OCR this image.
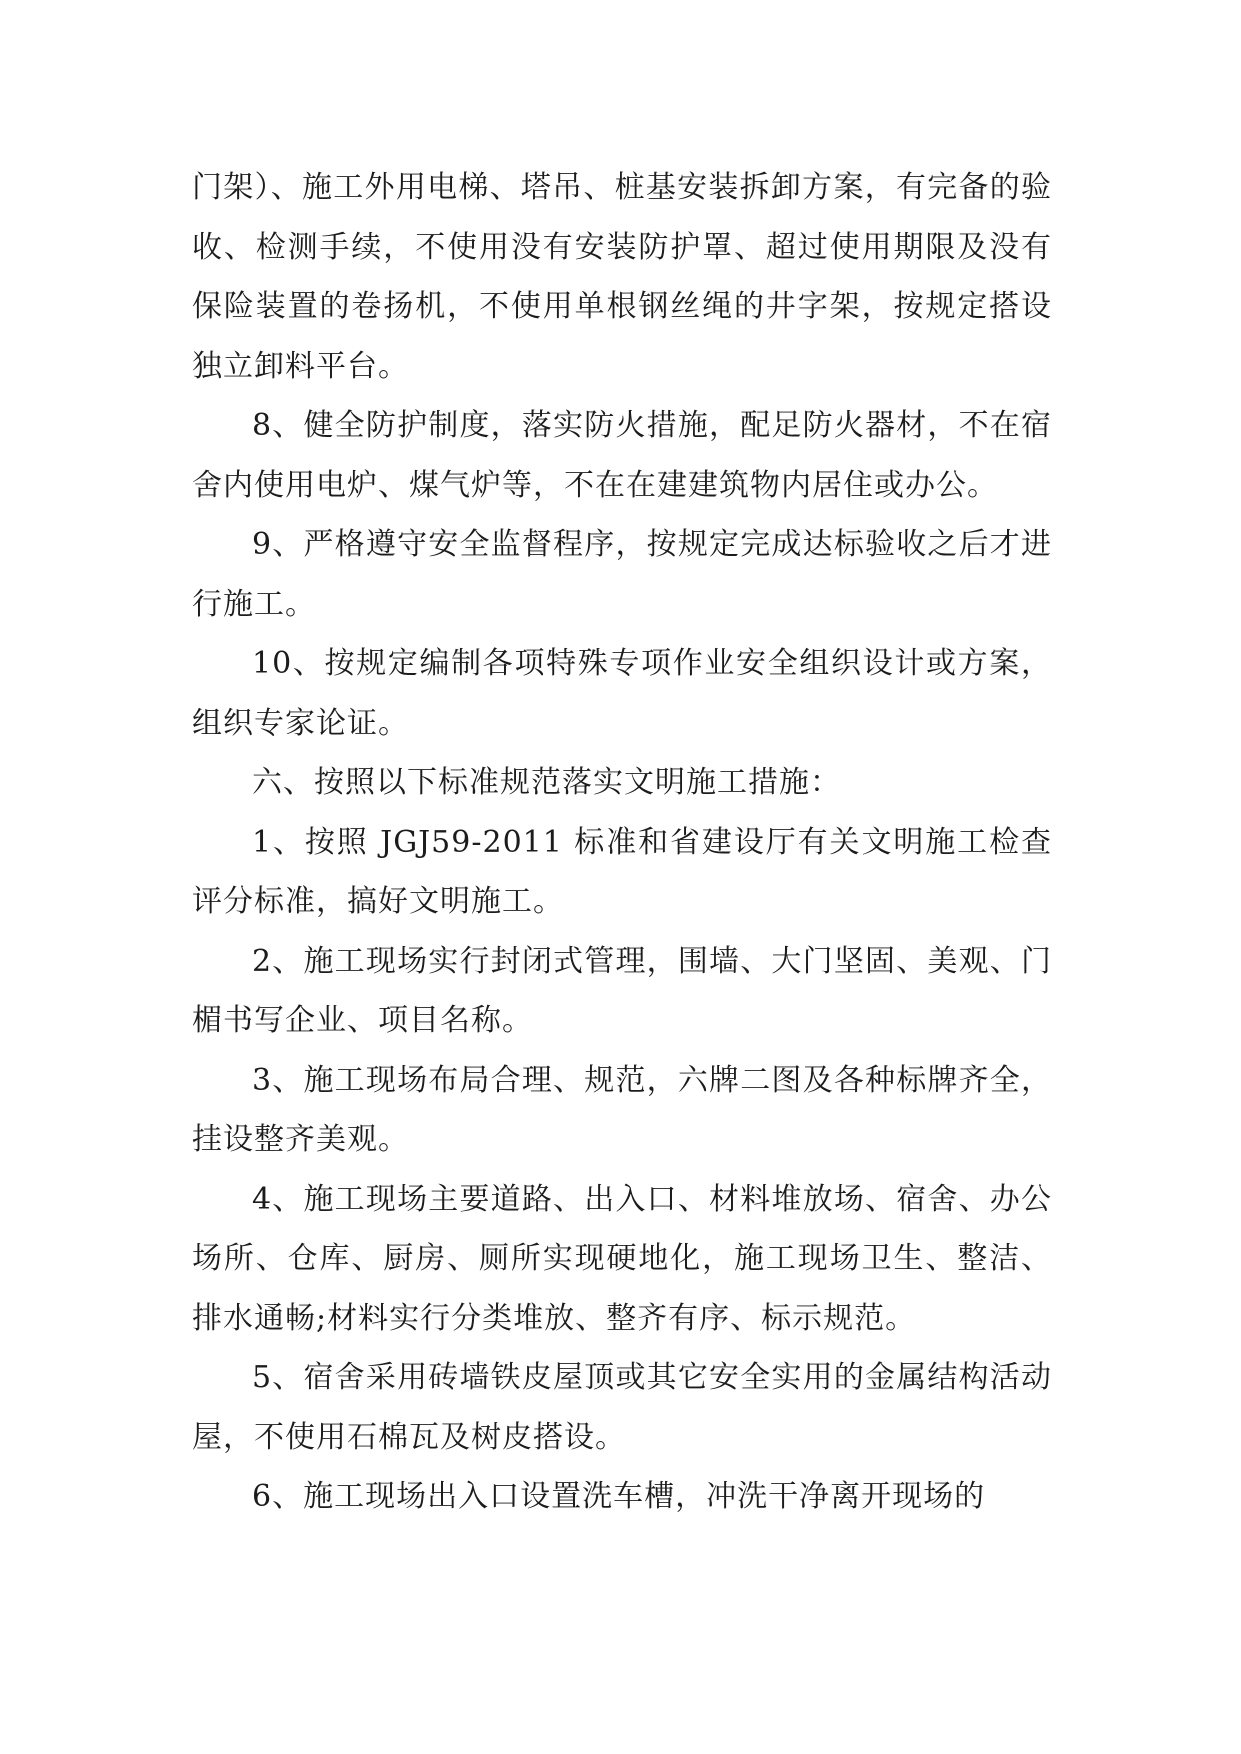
门架）、施工外用电梯、塔吊、桩基安装拆卸方案，有完备的验收、检测手续，不使用没有安装防护罩、超过使用期限及没有保险装置的卷扬机，不使用单根钢丝绳的井字架，按规定搭设独立卸料平台。

8、健全防护制度，落实防火措施，配足防火器材，不在宿舍内使用电炉、煤气炉等，不在在建建筑物内居住或办公。

9、严格遵守安全监督程序，按规定完成达标验收之后才进行施工。

10、按规定编制各项特殊专项作业安全组织设计或方案，组织专家论证。

六、按照以下标准规范落实文明施工措施：

1、按照 JGJ59-2011 标准和省建设厅有关文明施工检查评分标准，搞好文明施工。

2、施工现场实行封闭式管理，围墙、大门坚固、美观、门楣书写企业、项目名称。

3、施工现场布局合理、规范，六牌二图及各种标牌齐全，挂设整齐美观。

4、施工现场主要道路、出入口、材料堆放场、宿舍、办公场所、仓库、厨房、厕所实现硬地化，施工现场卫生、整洁、排水通畅;材料实行分类堆放、整齐有序、标示规范。

5、宿舍采用砖墙铁皮屋顶或其它安全实用的金属结构活动屋，不使用石棉瓦及树皮搭设。

6、施工现场出入口设置洗车槽，冲洗干净离开现场的
